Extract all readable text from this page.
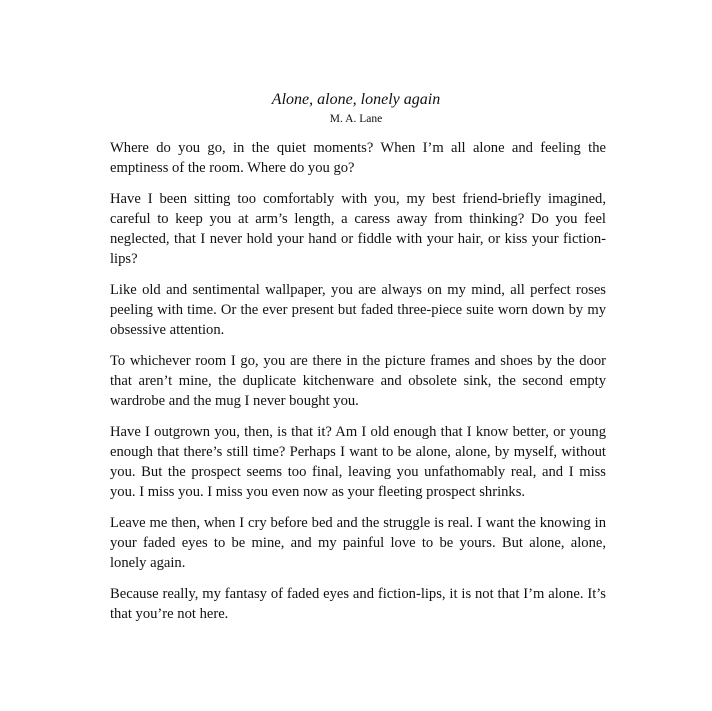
Alone, alone, lonely again
M. A. Lane

Where do you go, in the quiet moments? When I’m all alone and feeling the emptiness of the room. Where do you go?

Have I been sitting too comfortably with you, my best friend-briefly imagined, careful to keep you at arm’s length, a caress away from thinking? Do you feel neglected, that I never hold your hand or fiddle with your hair, or kiss your fiction-lips?

Like old and sentimental wallpaper, you are always on my mind, all perfect roses peeling with time. Or the ever present but faded three-piece suite worn down by my obsessive attention.

To whichever room I go, you are there in the picture frames and shoes by the door that aren’t mine, the duplicate kitchenware and obsolete sink, the second empty wardrobe and the mug I never bought you.

Have I outgrown you, then, is that it? Am I old enough that I know better, or young enough that there’s still time? Perhaps I want to be alone, alone, by myself, without you. But the prospect seems too final, leaving you unfathomably real, and I miss you. I miss you. I miss you even now as your fleeting prospect shrinks.

Leave me then, when I cry before bed and the struggle is real. I want the knowing in your faded eyes to be mine, and my painful love to be yours. But alone, alone, lonely again.

Because really, my fantasy of faded eyes and fiction-lips, it is not that I’m alone. It’s that you’re not here.
